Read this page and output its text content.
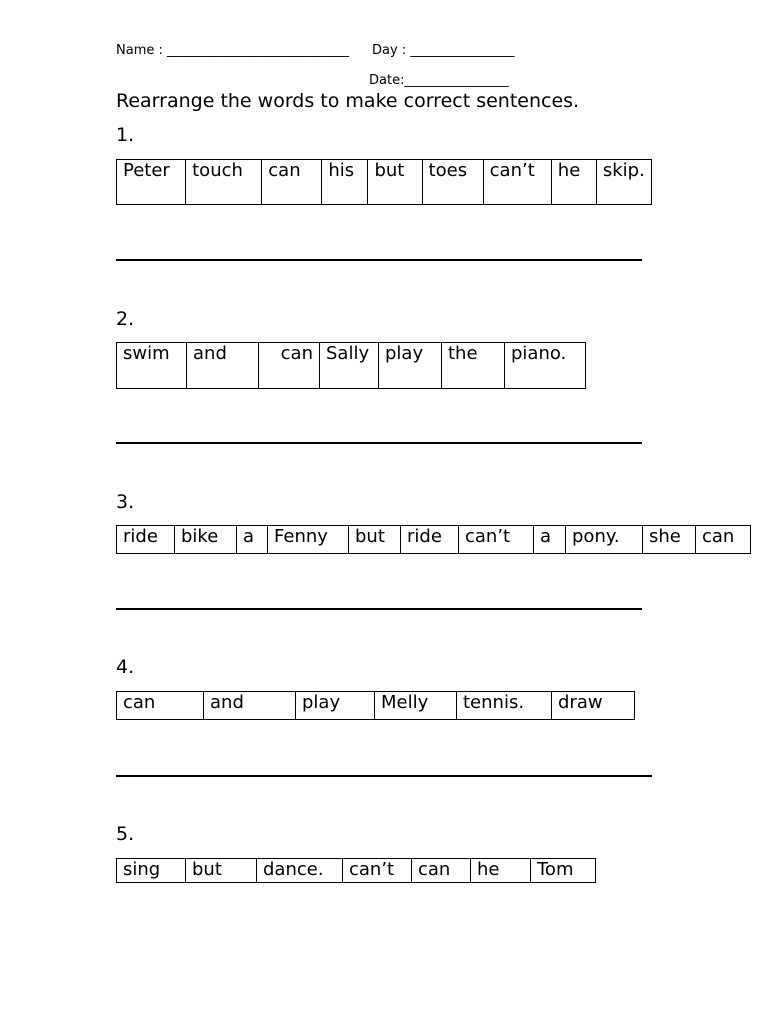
Name : ____________________________ Day : ________________
Date:________________
Rearrange the words to make correct sentences.
1.
Peter	touch	can	his	but	toes	can’t	he	skip.
2.
swim	and	can	Sally	play	the	piano.
3.
ride	bike	a	Fenny	but	ride	can’t	a	pony.	she	can
4.
can	and	play	Melly	tennis.	draw
5.
sing	but	dance.	can’t	can	he	Tom
